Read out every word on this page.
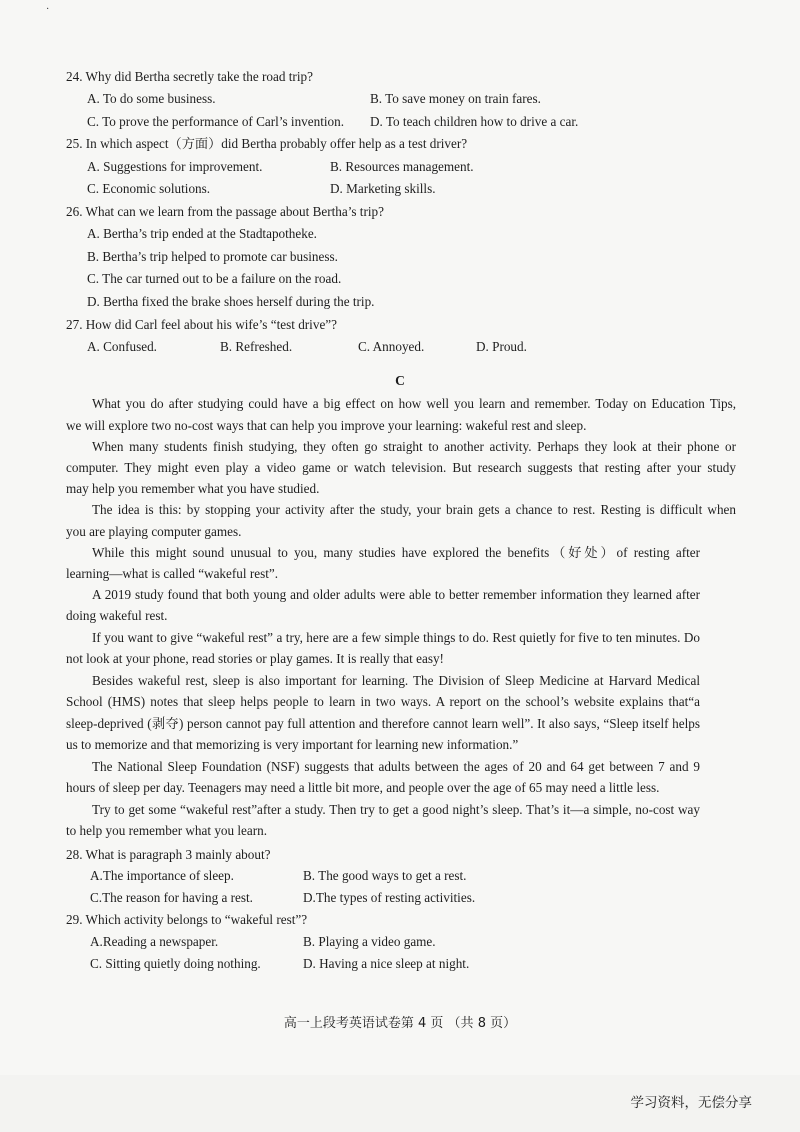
·
24. Why did Bertha secretly take the road trip?
A. To do some business.	B. To save money on train fares.
C. To prove the performance of Carl’s invention. D. To teach children how to drive a car.
25. In which aspect（方面）did Bertha probably offer help as a test driver?
A. Suggestions for improvement.	B. Resources management.
C. Economic solutions.	D. Marketing skills.
26. What can we learn from the passage about Bertha’s trip?
A. Bertha’s trip ended at the Stadtapotheke.
B. Bertha’s trip helped to promote car business.
C. The car turned out to be a failure on the road.
D. Bertha fixed the brake shoes herself during the trip.
27. How did Carl feel about his wife’s “test drive”?
A. Confused.	B. Refreshed.	C. Annoyed.	D. Proud.
C
What you do after studying could have a big effect on how well you learn and remember. Today on Education Tips,
we will explore two no-cost ways that can help you improve your learning: wakeful rest and sleep.
When many students finish studying, they often go straight to another activity. Perhaps they look at their phone or
computer. They might even play a video game or watch television. But research suggests that resting after your study
may help you remember what you have studied.
The idea is this: by stopping your activity after the study, your brain gets a chance to rest. Resting is difficult when
you are playing computer games.
While this might sound unusual to you, many studies have explored the benefits（好处）of resting after
learning—what is called “wakeful rest”.
A 2019 study found that both young and older adults were able to better remember information they learned after
doing wakeful rest.
If you want to give “wakeful rest” a try, here are a few simple things to do. Rest quietly for five to ten minutes. Do
not look at your phone, read stories or play games. It is really that easy!
Besides wakeful rest, sleep is also important for learning. The Division of Sleep Medicine at Harvard Medical
School (HMS) notes that sleep helps people to learn in two ways. A report on the school’s website explains that“a
sleep-deprived (剥夺) person cannot pay full attention and therefore cannot learn well”. It also says, “Sleep itself helps
us to memorize and that memorizing is very important for learning new information.”
The National Sleep Foundation (NSF) suggests that adults between the ages of 20 and 64 get between 7 and 9
hours of sleep per day. Teenagers may need a little bit more, and people over the age of 65 may need a little less.
Try to get some “wakeful rest”after a study. Then try to get a good night’s sleep. That’s it—a simple, no-cost way
to help you remember what you learn.
28. What is paragraph 3 mainly about?
A.The importance of sleep.	B. The good ways to get a rest.
C.The reason for having a rest.	D.The types of resting activities.
29. Which activity belongs to “wakeful rest”?
A.Reading a newspaper.	B. Playing a video game.
C. Sitting quietly doing nothing.	D. Having a nice sleep at night.
高一上段考英语试卷第 4 页 （共 8 页）
学习资料，无偿分享
